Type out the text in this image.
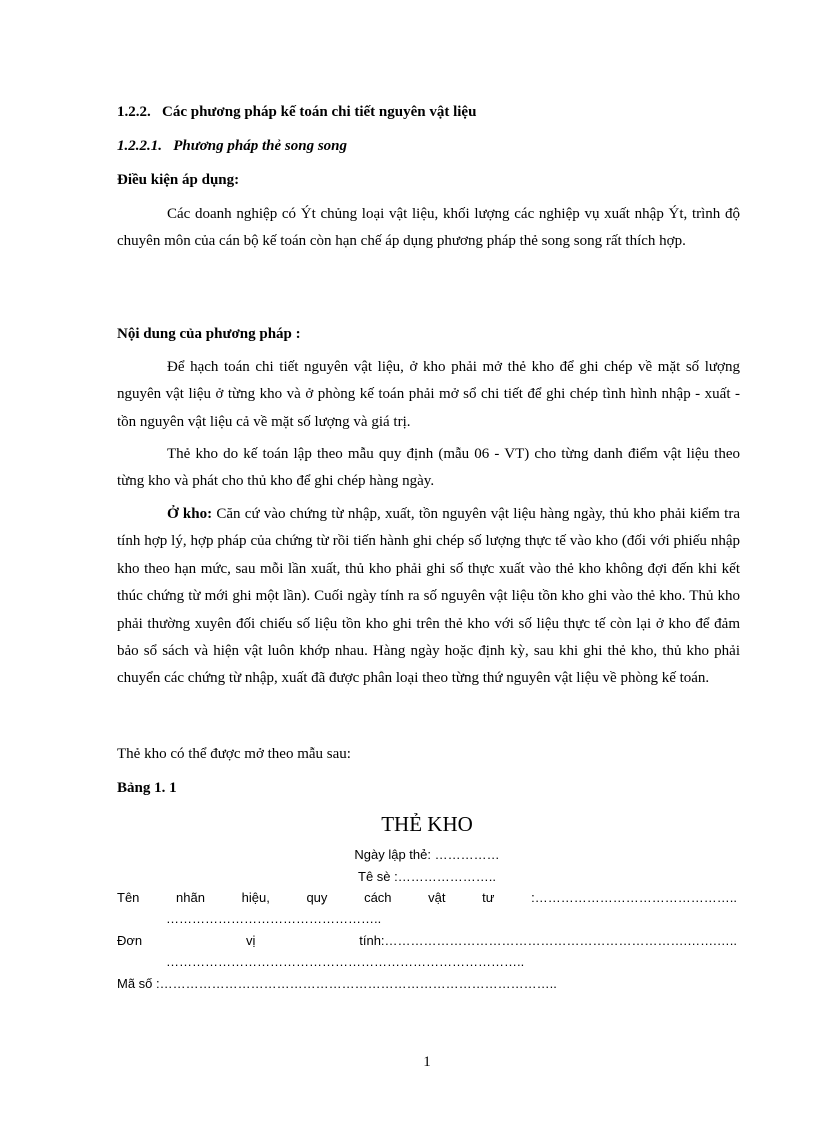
1.2.2. Các phương pháp kế toán chi tiết nguyên vật liệu
1.2.2.1. Phương pháp thẻ song song
Điều kiện áp dụng:
Các doanh nghiệp có Ýt chủng loại vật liệu, khối lượng các nghiệp vụ xuất nhập Ýt, trình độ chuyên môn của cán bộ kế toán còn hạn chế áp dụng phương pháp thẻ song song rất thích hợp.
Nội dung của phương pháp :
Để hạch toán chi tiết nguyên vật liệu, ở kho phải mở thẻ kho để ghi chép về mặt số lượng nguyên vật liệu ở từng kho và ở phòng kế toán phải mở sổ chi tiết để ghi chép tình hình nhập - xuất - tồn nguyên vật liệu cả về mặt số lượng và giá trị.
Thẻ kho do kế toán lập theo mẫu quy định (mẫu 06 - VT) cho từng danh điểm vật liệu theo từng kho và phát cho thủ kho để ghi chép hàng ngày.
Ở kho: Căn cứ vào chứng từ nhập, xuất, tồn nguyên vật liệu hàng ngày, thủ kho phải kiểm tra tính hợp lý, hợp pháp của chứng từ rồi tiến hành ghi chép số lượng thực tế vào kho (đối với phiếu nhập kho theo hạn mức, sau mỗi lần xuất, thủ kho phải ghi số thực xuất vào thẻ kho không đợi đến khi kết thúc chứng từ mới ghi một lần). Cuối ngày tính ra số nguyên vật liệu tồn kho ghi vào thẻ kho. Thủ kho phải thường xuyên đối chiếu số liệu tồn kho ghi trên thẻ kho với số liệu thực tế còn lại ở kho để đảm bảo sổ sách và hiện vật luôn khớp nhau. Hàng ngày hoặc định kỳ, sau khi ghi thẻ kho, thủ kho phải chuyển các chứng từ nhập, xuất đã được phân loại theo từng thứ nguyên vật liệu về phòng kế toán.
Thẻ kho có thể được mở theo mẫu sau:
Bảng 1. 1
THẺ KHO
Ngày lập thẻ: ……………
Tê sè :…………………..
Tên	nhãn	hiệu,	quy	cách	vật	tư	:………………………………………..
…………………………………………..
Đơn	vị	tính:…………………………………………………………….…….…..
………………………………………………………………………..
Mã số :………………………………………………………………………………..
1
